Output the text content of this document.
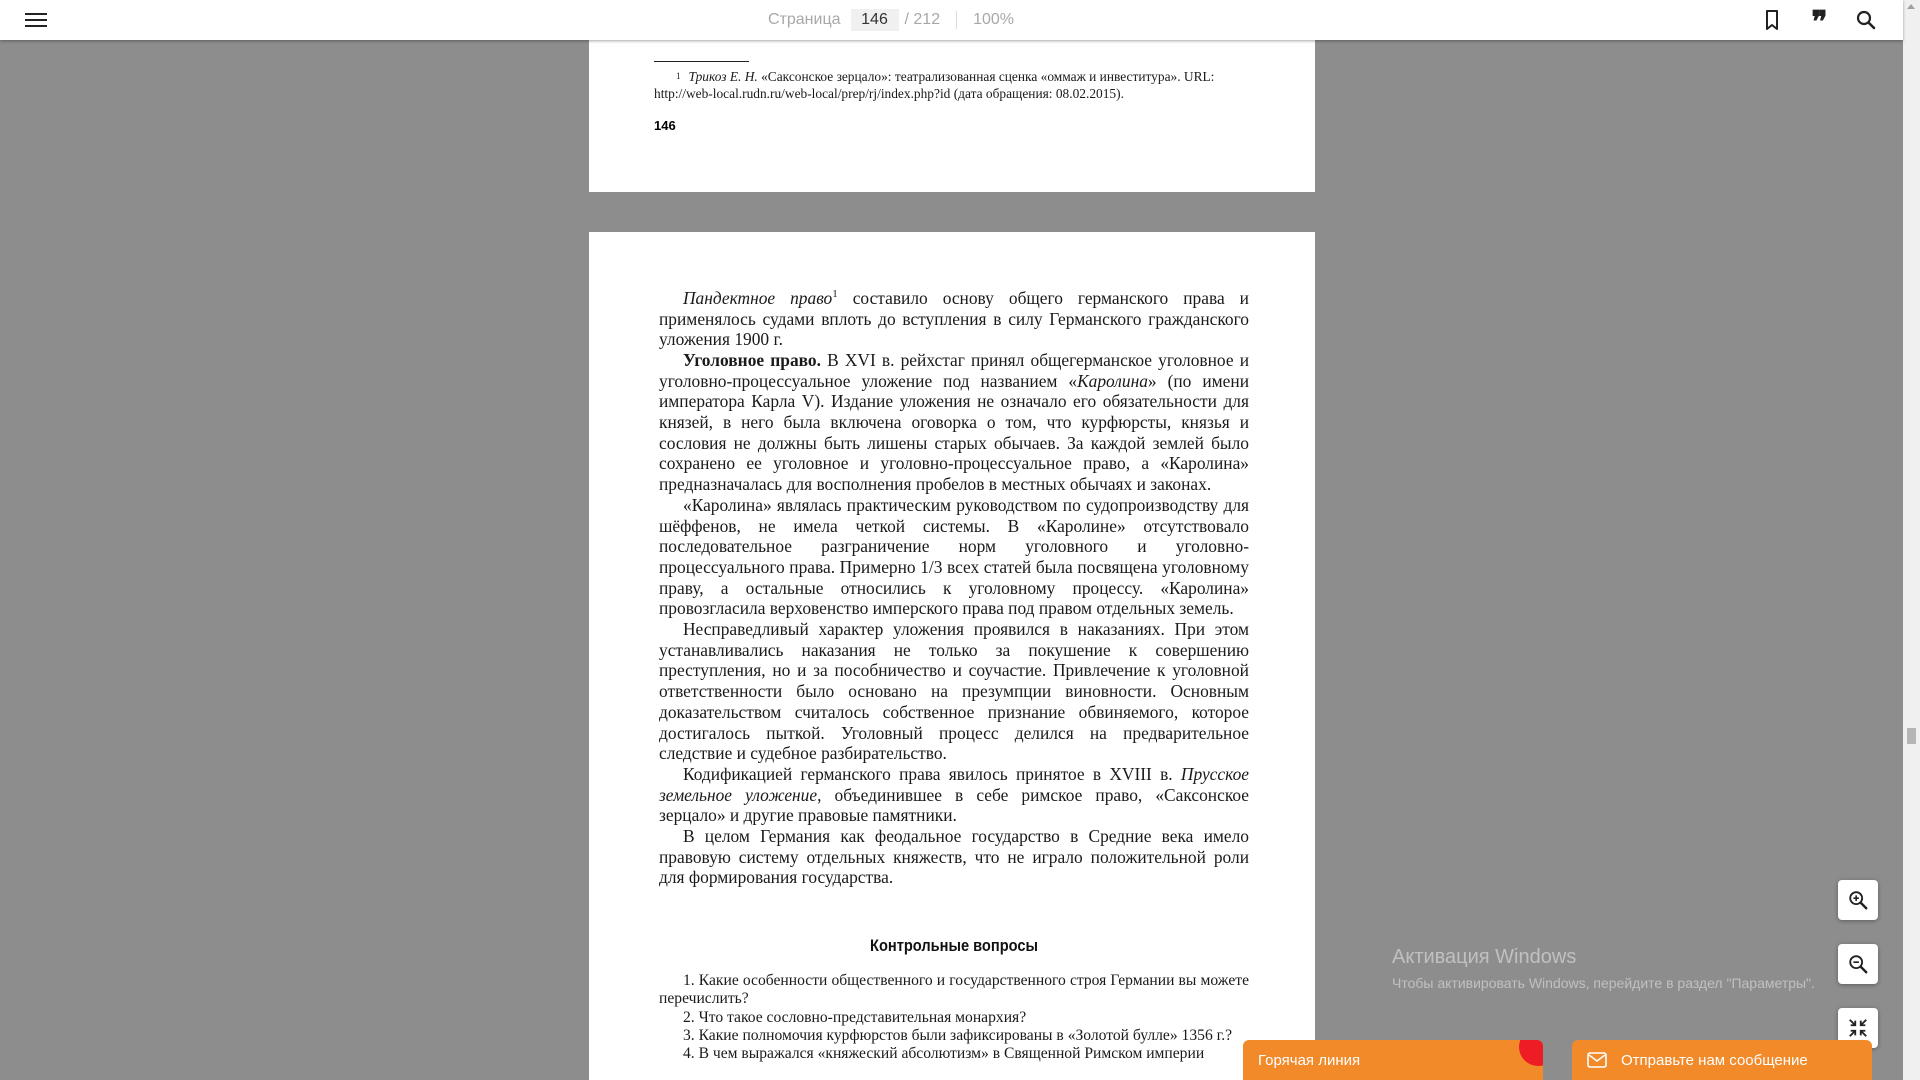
Страница
146	/ 212 100%	❞
$^1$ Трикоз Е. Н. «Саксонское зерцало»: театрализованная сценка «оммаж и инвеститура». URL: http://web-local.rudn.ru/web-local/prep/rj/index.php?id (дата обращения: 08.02.2015).
146

Пандектное право$^1$ составило основу общего германского права и применялось судами вплоть до вступления в силу Германского гражданского уложения 1900 г.

Уголовное право. В XVI в. рейхстаг принял общегерманское уголовное и уголовно-процессуальное уложение под названием «Каролина» (по имени императора Карла V). Издание уложения не означало его обязательности для князей, в него была включена оговорка о том, что курфюрсты, князья и сословия не должны быть лишены старых обычаев. За каждой землей было сохранено ее уголовное и уголовно-процессуальное право, а «Каролина» предназначалась для восполнения пробелов в местных обычаях и законах.

«Каролина» являлась практическим руководством по судопроизводству для шёффенов, не имела четкой системы. В «Каролине» отсутствовало последовательное разграничение норм уголовного и уголовно-процессуального права. Примерно 1/3 всех статей была посвящена уголовному праву, а остальные относились к уголовному процессу. «Каролина» провозгласила верховенство имперского права под правом отдельных земель.

Несправедливый характер уложения проявился в наказаниях. При этом устанавливались наказания не только за покушение к совершению преступления, но и за пособничество и соучастие. Привлечение к уголовной ответственности было основано на презумпции виновности. Основным доказательством считалось собственное признание обвиняемого, которое достигалось пыткой. Уголовный процесс делился на предварительное следствие и судебное разбирательство.

Кодификацией германского права явилось принятое в XVIII в. Прусское земельное уложение, объединившее в себе римское право, «Саксонское зерцало» и другие правовые памятники.

В целом Германия как феодальное государство в Средние века имело правовую систему отдельных княжеств, что не играло положительной роли для формирования государства.

Контрольные вопросы

1. Какие особенности общественного и государственного строя Германии вы можете перечислить?

2. Что такое сословно-представительная монархия?

3. Какие полномочия курфюрстов были зафиксированы в «Золотой булле» 1356 г.?

4. В чем выражался «княжеский абсолютизм» в Священной Римском империи

Активация Windows
Чтобы активировать Windows, перейдите в раздел "Параметры".
Горячая линия	Отправьте нам сообщение
